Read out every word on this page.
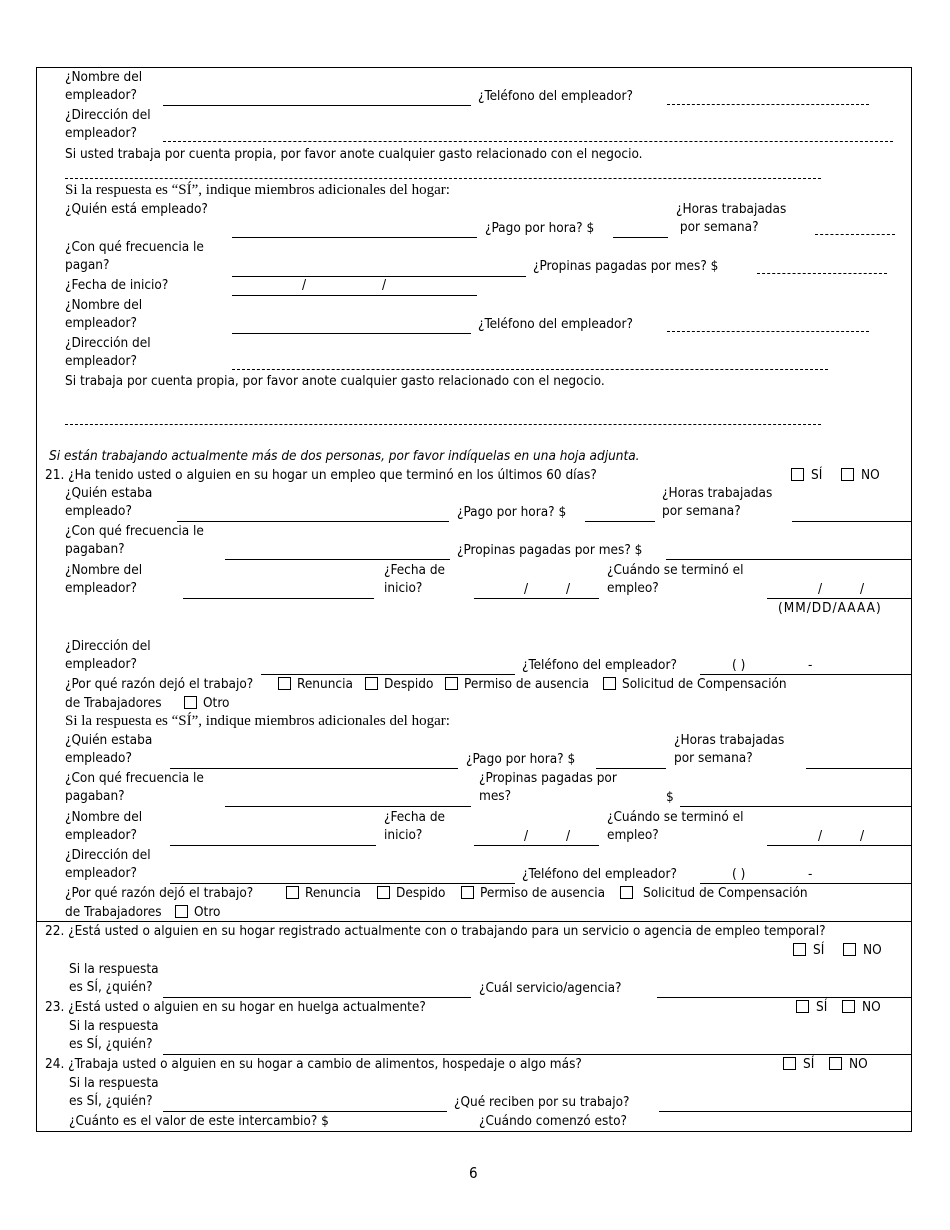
¿Nombre del
empleador?	¿Teléfono del empleador?
¿Dirección del
empleador?
Si usted trabaja por cuenta propia, por favor anote cualquier gasto relacionado con el negocio.
Si la respuesta es “SÍ”, indique miembros adicionales del hogar:
¿Quién está empleado?
¿Pago por hora? $
¿Horas trabajadas
por semana?
¿Con qué frecuencia le
pagan?	¿Propinas pagadas por mes? $
¿Fecha de inicio?	/	/
¿Nombre del
empleador?	¿Teléfono del empleador?
¿Dirección del
empleador?
Si trabaja por cuenta propia, por favor anote cualquier gasto relacionado con el negocio.
Si están trabajando actualmente más de dos personas, por favor indíquelas en una hoja adjunta.
21. ¿Ha tenido usted o alguien en su hogar un empleo que terminó en los últimos 60 días?	SÍ	NO
¿Quién estaba
empleado?	¿Pago por hora? $
¿Horas trabajadas
por semana?
¿Con qué frecuencia le
pagaban?	¿Propinas pagadas por mes? $
¿Nombre del
empleador?
¿Fecha de
inicio?	/	/
¿Cuándo se terminó el
empleo?	/	/
(MM/DD/AAAA)
¿Dirección del
empleador?	¿Teléfono del empleador?	( )	-
¿Por qué razón dejó el trabajo?	Renuncia Despido Permiso de ausencia Solicitud de Compensación
de Trabajadores	Otro
Si la respuesta es “SÍ”, indique miembros adicionales del hogar:
¿Quién estaba
empleado?	¿Pago por hora? $
¿Horas trabajadas
por semana?
¿Con qué frecuencia le
pagaban?
¿Propinas pagadas por
mes?	$
¿Nombre del
empleador?
¿Fecha de
inicio?	/	/
¿Cuándo se terminó el
empleo?	/	/
¿Dirección del
empleador?	¿Teléfono del empleador?	( )	-
¿Por qué razón dejó el trabajo?	Renuncia	Despido	Permiso de ausencia	Solicitud de Compensación
de Trabajadores Otro
22. ¿Está usted o alguien en su hogar registrado actualmente con o trabajando para un servicio o agencia de empleo temporal?
SÍ	NO
Si la respuesta
es SÍ, ¿quién?	¿Cuál servicio/agencia?
23. ¿Está usted o alguien en su hogar en huelga actualmente?	SÍ	NO
Si la respuesta
es SÍ, ¿quién?
24. ¿Trabaja usted o alguien en su hogar a cambio de alimentos, hospedaje o algo más?	SÍ	NO
Si la respuesta
es SÍ, ¿quién?	¿Qué reciben por su trabajo?
¿Cuánto es el valor de este intercambio? $	¿Cuándo comenzó esto?
6
